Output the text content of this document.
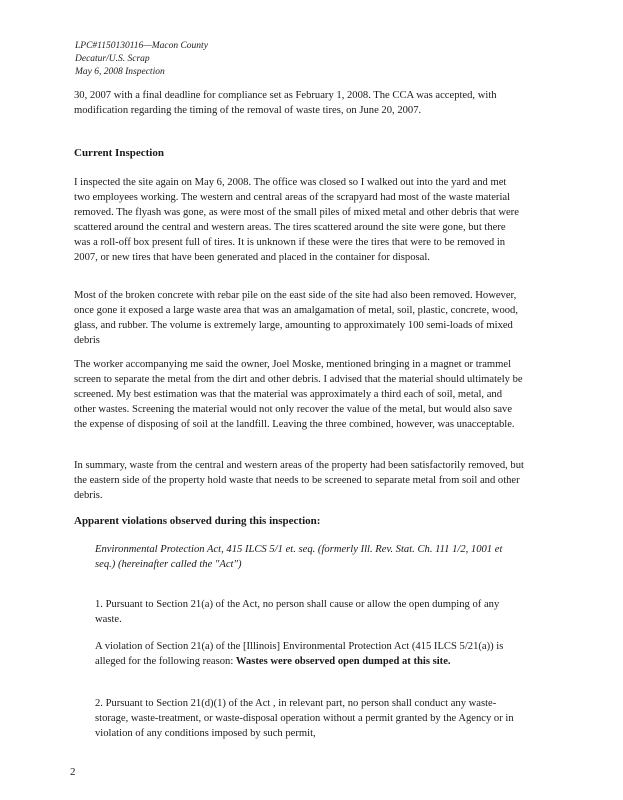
LPC#1150130116—Macon County
Decatur/U.S. Scrap
May 6, 2008 Inspection

30, 2007 with a final deadline for compliance set as February 1, 2008. The CCA was accepted, with modification regarding the timing of the removal of waste tires, on June 20, 2007.

Current Inspection

I inspected the site again on May 6, 2008. The office was closed so I walked out into the yard and met two employees working. The western and central areas of the scrapyard had most of the waste material removed. The flyash was gone, as were most of the small piles of mixed metal and other debris that were scattered around the central and western areas. The tires scattered around the site were gone, but there was a roll-off box present full of tires. It is unknown if these were the tires that were to be removed in 2007, or new tires that have been generated and placed in the container for disposal.

Most of the broken concrete with rebar pile on the east side of the site had also been removed. However, once gone it exposed a large waste area that was an amalgamation of metal, soil, plastic, concrete, wood, glass, and rubber. The volume is extremely large, amounting to approximately 100 semi-loads of mixed debris

The worker accompanying me said the owner, Joel Moske, mentioned bringing in a magnet or trammel screen to separate the metal from the dirt and other debris. I advised that the material should ultimately be screened. My best estimation was that the material was approximately a third each of soil, metal, and other wastes. Screening the material would not only recover the value of the metal, but would also save the expense of disposing of soil at the landfill. Leaving the three combined, however, was unacceptable.

In summary, waste from the central and western areas of the property had been satisfactorily removed, but the eastern side of the property hold waste that needs to be screened to separate metal from soil and other debris.

Apparent violations observed during this inspection:
Environmental Protection Act, 415 ILCS 5/1 et. seq. (formerly Ill. Rev. Stat. Ch. 111 1/2, 1001 et seq.) (hereinafter called the "Act")
1. Pursuant to Section 21(a) of the Act, no person shall cause or allow the open dumping of any waste.
A violation of Section 21(a) of the [Illinois] Environmental Protection Act (415 ILCS 5/21(a)) is alleged for the following reason: Wastes were observed open dumped at this site.
2. Pursuant to Section 21(d)(1) of the Act , in relevant part, no person shall conduct any waste-storage, waste-treatment, or waste-disposal operation without a permit granted by the Agency or in violation of any conditions imposed by such permit,
2
